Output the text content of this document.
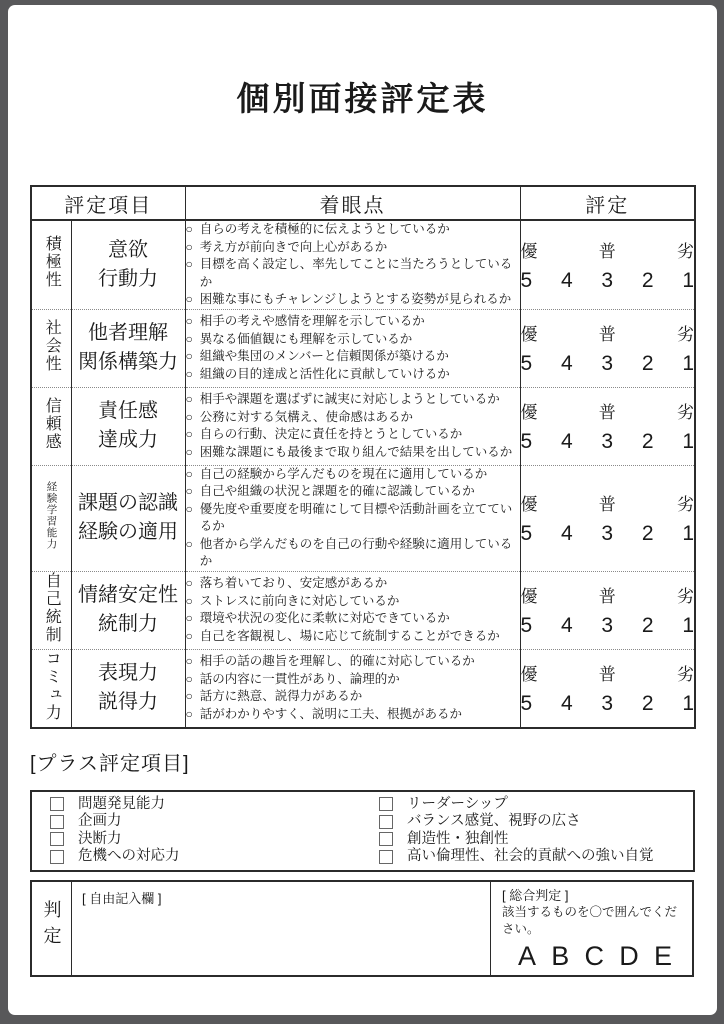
個別面接評定表
評定項目		着眼点	評定
積極性	意欲
行動力

○ 自らの考えを積極的に伝えようとしているか
○ 考え方が前向きで向上心があるか
○ 目標を高く設定し、率先してことに当たろうとしているか
○ 困難な事にもチャレンジしようとする姿勢が見られるか

優	普	劣
5 4 3 2 1

社会性	他者理解
関係構築力

○ 相手の考えや感情を理解を示しているか
○ 異なる価値観にも理解を示しているか
○ 組織や集団のメンバーと信頼関係が築けるか
○ 組織の目的達成と活性化に貢献していけるか

優	普	劣
5 4 3 2 1

信頼感	責任感
達成力

○ 相手や課題を選ばずに誠実に対応しようとしているか
○ 公務に対する気構え、使命感はあるか
○ 自らの行動、決定に責任を持とうとしているか
○ 困難な課題にも最後まで取り組んで結果を出しているか

優	普	劣
5 4 3 2 1

経験学習能力	課題の認識
経験の適用

○ 自己の経験から学んだものを現在に適用しているか
○ 自己や組織の状況と課題を的確に認識しているか
○ 優先度や重要度を明確にして目標や活動計画を立てているか
○ 他者から学んだものを自己の行動や経験に適用しているか

優	普	劣
5 4 3 2 1

自己統制	情緒安定性
統制力

○ 落ち着いており、安定感があるか
○ ストレスに前向きに対応しているか
○ 環境や状況の変化に柔軟に対応できているか
○ 自己を客観視し、場に応じて統制することができるか

優	普	劣
5 4 3 2 1

コミュ力	表現力
説得力

○ 相手の話の趣旨を理解し、的確に対応しているか
○ 話の内容に一貫性があり、論理的か
○ 話方に熱意、説得力があるか
○ 話がわかりやすく、説明に工夫、根拠があるか

優	普	劣
5 4 3 2 1
[プラス評定項目]
問題発見能力
企画力
決断力
危機への対応力
リーダーシップ
バランス感覚、視野の広さ
創造性・独創性
高い倫理性、社会的貢献への強い自覚
判定	
[ 自由記入欄 ]	[ 総合判定 ]
該当するものを〇で囲んでください。
A B C D E
